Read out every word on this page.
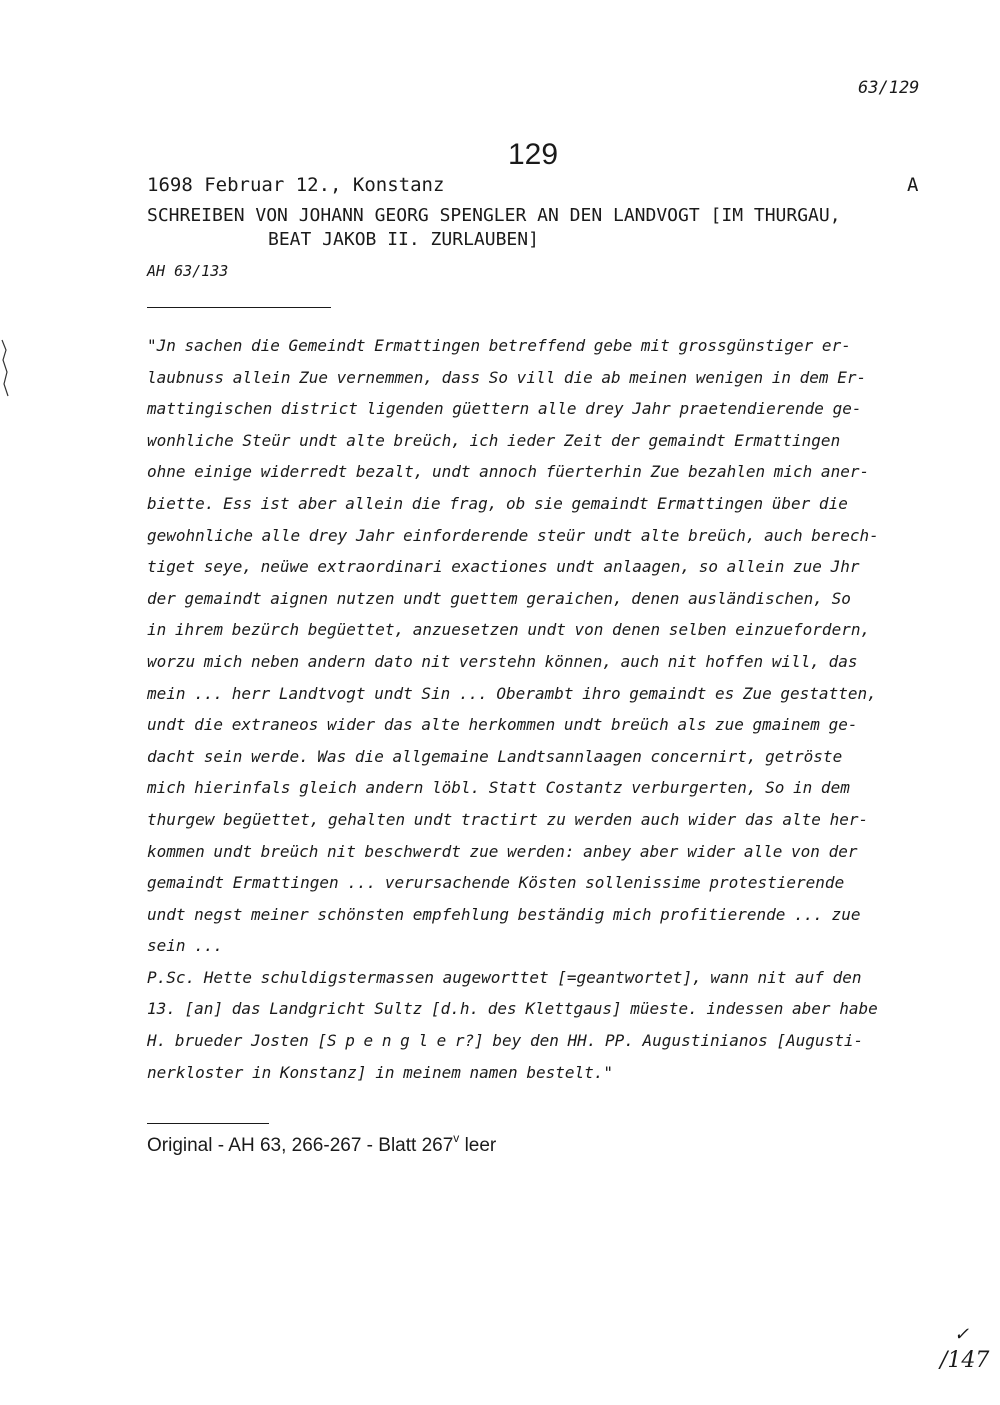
63/129
129
1698 Februar 12., Konstanz	A
SCHREIBEN VON JOHANN GEORG SPENGLER AN DEN LANDVOGT [IM THURGAU,
BEAT JAKOB II. ZURLAUBEN]
AH 63/133
"Jn sachen die Gemeindt Ermattingen betreffend gebe mit grossgünstiger er-
laubnuss allein Zue vernemmen, dass So vill die ab meinen wenigen in dem Er-
mattingischen district ligenden güettern alle drey Jahr praetendierende ge-
wonhliche Steür undt alte breüch, ich ieder Zeit der gemaindt Ermattingen
ohne einige widerredt bezalt, undt annoch füerterhin Zue bezahlen mich aner-
biette. Ess ist aber allein die frag, ob sie gemaindt Ermattingen über die
gewohnliche alle drey Jahr einforderende steür undt alte breüch, auch berech-
tiget seye, neüwe extraordinari exactiones undt anlaagen, so allein zue Jhr
der gemaindt aignen nutzen undt guettem geraichen, denen ausländischen, So
in ihrem bezürch begüettet, anzuesetzen undt von denen selben einzuefordern,
worzu mich neben andern dato nit verstehn können, auch nit hoffen will, das
mein ... herr Landtvogt undt Sin ... Oberambt ihro gemaindt es Zue gestatten,
undt die extraneos wider das alte herkommen undt breüch als zue gmainem ge-
dacht sein werde. Was die allgemaine Landtsannlaagen concernirt, getröste
mich hierinfals gleich andern löbl. Statt Costantz verburgerten, So in dem
thurgew begüettet, gehalten undt tractirt zu werden auch wider das alte her-
kommen undt breüch nit beschwerdt zue werden: anbey aber wider alle von der
gemaindt Ermattingen ... verursachende Kösten sollenissime protestierende
undt negst meiner schönsten empfehlung beständig mich profitierende ... zue
sein ...
P.Sc. Hette schuldigstermassen augeworttet [=geantwortet], wann nit auf den
13. [an] das Landgricht Sultz [d.h. des Klettgaus] müeste. indessen aber habe
H. brueder Josten [S p e n g l e r?] bey den HH. PP. Augustinianos [Augusti-
nerkloster in Konstanz] in meinem namen bestelt."
Original - AH 63, 266-267 - Blatt 267$^v$ leer
✓
/147
